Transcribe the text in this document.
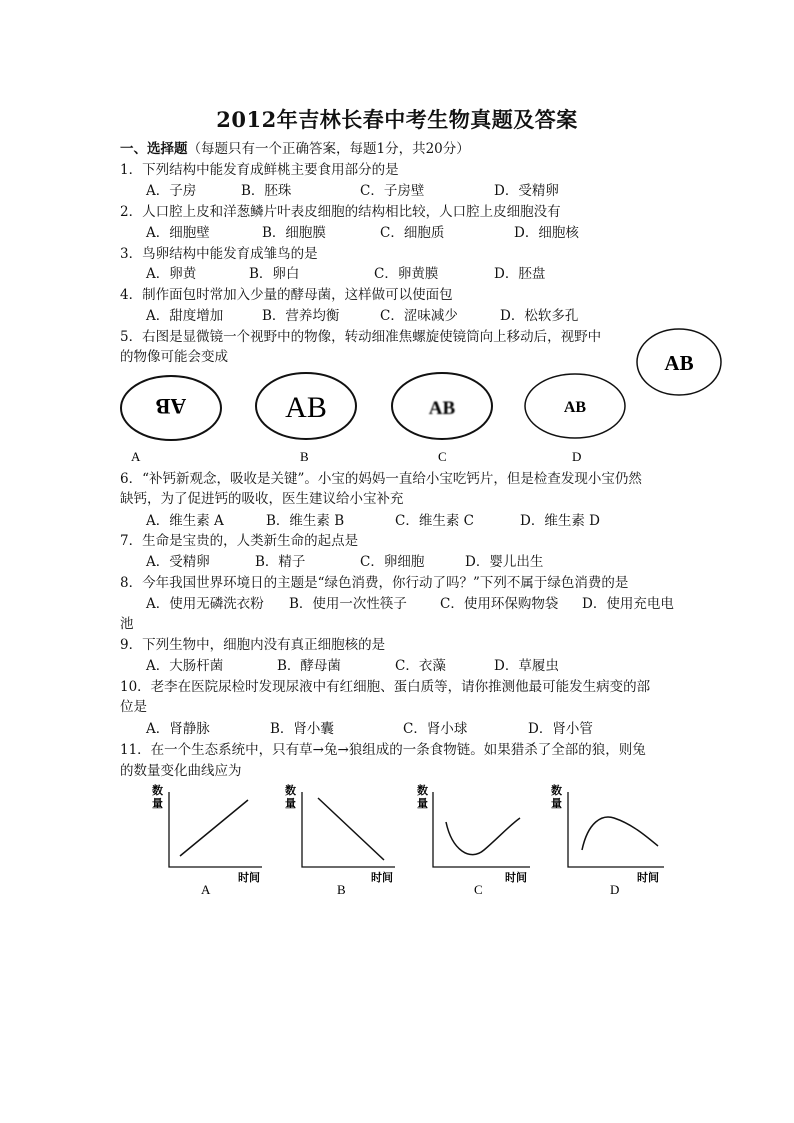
2012年吉林长春中考生物真题及答案
一、选择题（每题只有一个正确答案，每题1分，共20分）
1．下列结构中能发育成鲜桃主要食用部分的是
A．子房	B．胚珠	C．子房壁	D．受精卵
2．人口腔上皮和洋葱鳞片叶表皮细胞的结构相比较，人口腔上皮细胞没有
A．细胞壁	B．细胞膜	C．细胞质	D．细胞核
3．鸟卵结构中能发育成雏鸟的是
A．卵黄	B．卵白	C．卵黄膜	D．胚盘
4．制作面包时常加入少量的酵母菌，这样做可以使面包
A．甜度增加	B．营养均衡	C．涩味减少	D．松软多孔
5．右图是显微镜一个视野中的物像，转动细准焦螺旋使镜筒向上移动后，视野中
的物像可能会变成	AB
AB
A
AB
B
AB
C
AB
D
6．“补钙新观念，吸收是关键”。小宝的妈妈一直给小宝吃钙片，但是检查发现小宝仍然
缺钙，为了促进钙的吸收，医生建议给小宝补充
A．维生素 A	B．维生素 B	C．维生素 C	D．维生素 D
7．生命是宝贵的，人类新生命的起点是
A．受精卵	B．精子	C．卵细胞	D．婴儿出生
8．今年我国世界环境日的主题是“绿色消费，你行动了吗？”下列不属于绿色消费的是
A．使用无磷洗衣粉 B．使用一次性筷子 C．使用环保购物袋 D．使用充电电
池
9．下列生物中，细胞内没有真正细胞核的是
A．大肠杆菌	B．酵母菌	C．衣藻	D．草履虫
10．老李在医院尿检时发现尿液中有红细胞、蛋白质等，请你推测他最可能发生病变的部
位是
A．肾静脉	B．肾小囊	C．肾小球	D．肾小管
11．在一个生态系统中，只有草→兔→狼组成的一条食物链。如果猎杀了全部的狼，则兔
的数量变化曲线应为
数
量
时间
A
数
量
时间
B
数
量
时间
C
数
量
时间
D
